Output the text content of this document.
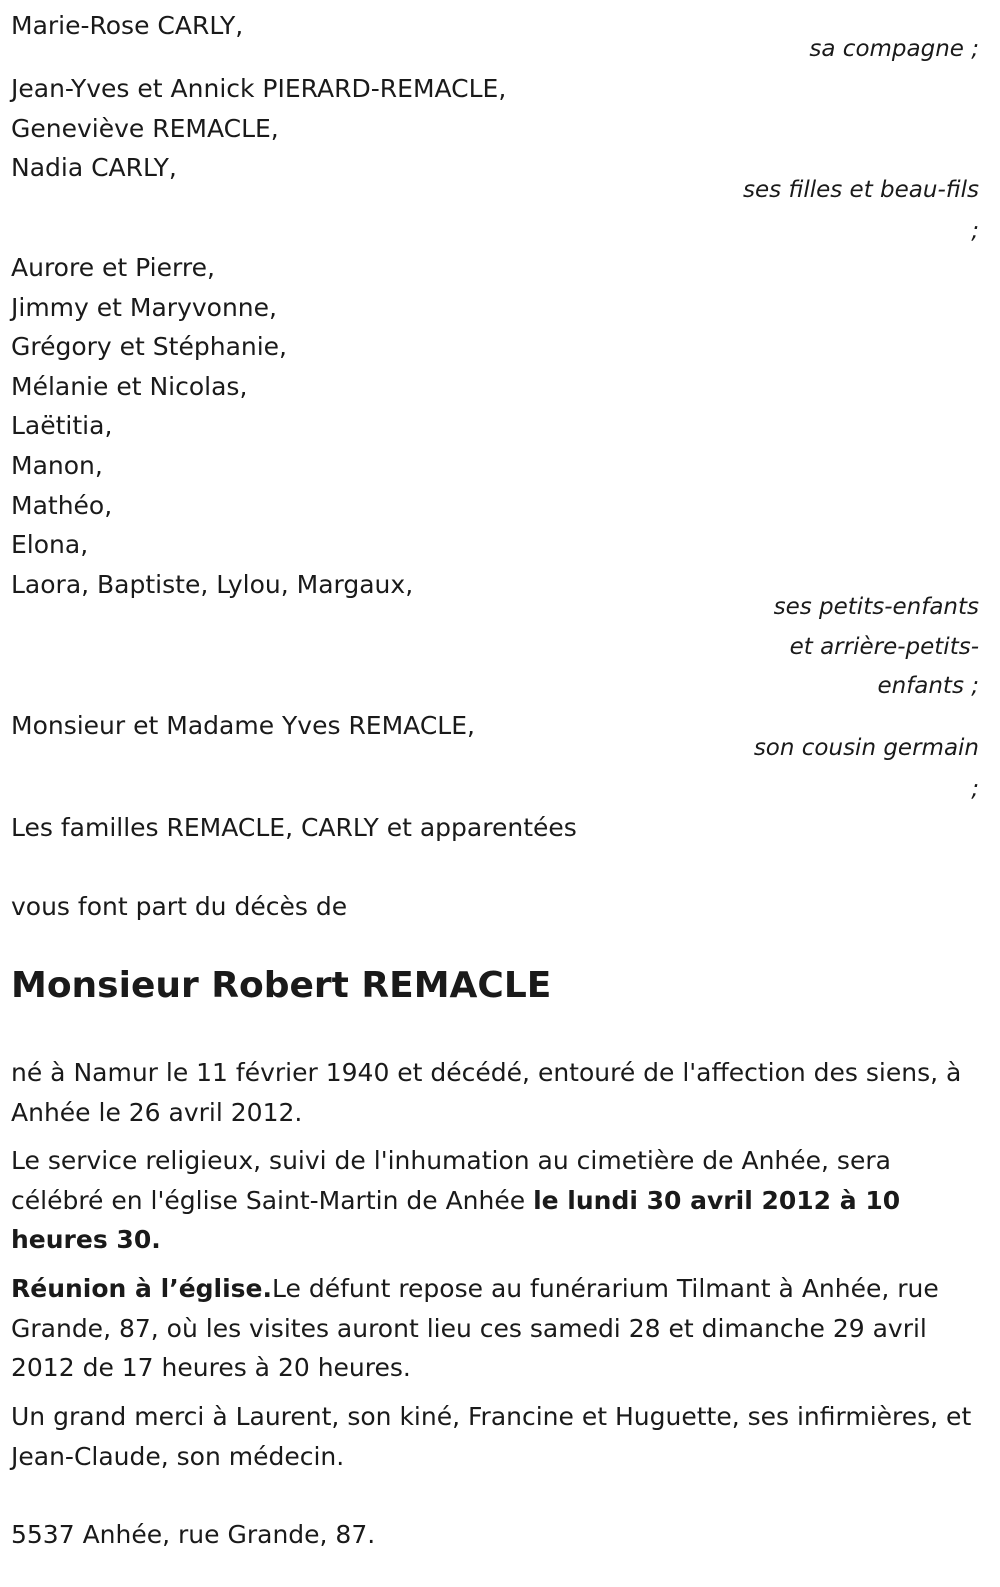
Marie-Rose CARLY,
sa compagne ;
Jean-Yves et Annick PIERARD-REMACLE,
Geneviève REMACLE,
Nadia CARLY,
ses filles et beau-fils
;
Aurore et Pierre,
Jimmy et Maryvonne,
Grégory et Stéphanie,
Mélanie et Nicolas,
Laëtitia,
Manon,
Mathéo,
Elona,
Laora, Baptiste, Lylou, Margaux,
ses petits-enfants
et arrière-petits-
enfants ;
Monsieur et Madame Yves REMACLE,
son cousin germain
;
Les familles REMACLE, CARLY et apparentées
vous font part du décès de
Monsieur Robert REMACLE

né à Namur le 11 février 1940 et décédé, entouré de l'affection des siens, à Anhée le 26 avril 2012.

Le service religieux, suivi de l'inhumation au cimetière de Anhée, sera célébré en l'église Saint-Martin de Anhée le lundi 30 avril 2012 à 10 heures 30.

Réunion à l’église.Le défunt repose au funérarium Tilmant à Anhée, rue Grande, 87, où les visites auront lieu ces samedi 28 et dimanche 29 avril 2012 de 17 heures à 20 heures.

Un grand merci à Laurent, son kiné, Francine et Huguette, ses infirmières, et Jean-Claude, son médecin.

5537 Anhée, rue Grande, 87.
